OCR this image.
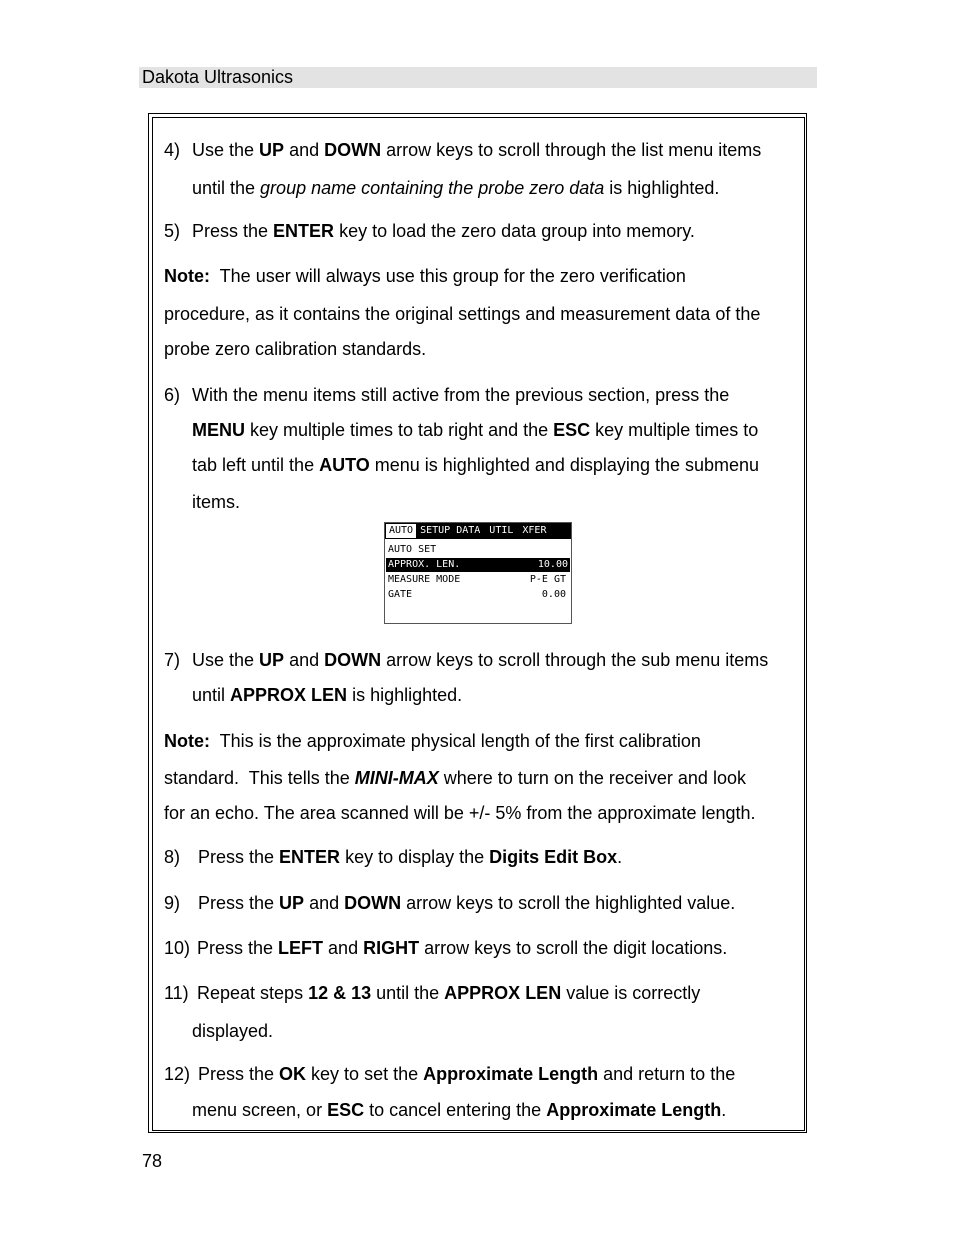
Dakota Ultrasonics
4) Use the UP and DOWN arrow keys to scroll through the list menu items
until the group name containing the probe zero data is highlighted.
5) Press the ENTER key to load the zero data group into memory.
Note:  The user will always use this group for the zero verification
procedure, as it contains the original settings and measurement data of the
probe zero calibration standards.
6) With the menu items still active from the previous section, press the
MENU key multiple times to tab right and the ESC key multiple times to
tab left until the AUTO menu is highlighted and displaying the submenu
items.
AUTO SETUP DATA UTIL XFER
AUTO SET
APPROX. LEN.	10.00
MEASURE MODE	P-E GT
GATE	0.00
7) Use the UP and DOWN arrow keys to scroll through the sub menu items
until APPROX LEN is highlighted.
Note:  This is the approximate physical length of the first calibration
standard.  This tells the MINI-MAX where to turn on the receiver and look
for an echo. The area scanned will be +/- 5% from the approximate length.
8) Press the ENTER key to display the Digits Edit Box.
9) Press the UP and DOWN arrow keys to scroll the highlighted value.
10) Press the LEFT and RIGHT arrow keys to scroll the digit locations.
11) Repeat steps 12 & 13 until the APPROX LEN value is correctly
displayed.
12) Press the OK key to set the Approximate Length and return to the
menu screen, or ESC to cancel entering the Approximate Length.
78
